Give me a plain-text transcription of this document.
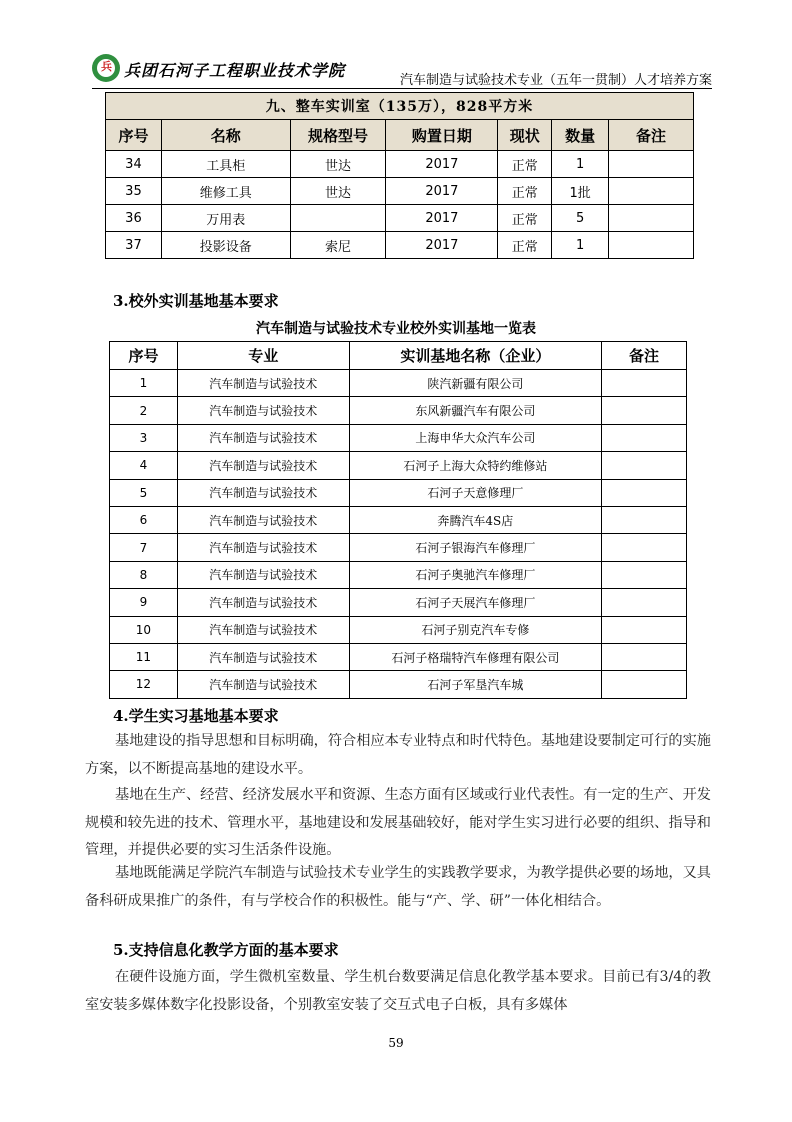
兵 兵团石河子工程职业技术学院
汽车制造与试验技术专业（五年一贯制）人才培养方案
九、整车实训室（135万），828平方米						
序号	名称	规格型号	购置日期	现状	数量	备注
34	工具柜	世达	2017	正常	1	
35	维修工具	世达	2017	正常	1批	
36	万用表		2017	正常	5	
37	投影设备	索尼	2017	正常	1	
3.校外实训基地基本要求
汽车制造与试验技术专业校外实训基地一览表
序号	专业	实训基地名称（企业）	备注
1	汽车制造与试验技术	陕汽新疆有限公司	
2	汽车制造与试验技术	东风新疆汽车有限公司	
3	汽车制造与试验技术	上海申华大众汽车公司	
4	汽车制造与试验技术	石河子上海大众特约维修站	
5	汽车制造与试验技术	石河子天意修理厂	
6	汽车制造与试验技术	奔腾汽车4S店	
7	汽车制造与试验技术	石河子银海汽车修理厂	
8	汽车制造与试验技术	石河子奥驰汽车修理厂	
9	汽车制造与试验技术	石河子天展汽车修理厂	
10	汽车制造与试验技术	石河子别克汽车专修	
11	汽车制造与试验技术	石河子格瑞特汽车修理有限公司	
12	汽车制造与试验技术	石河子军垦汽车城	
4.学生实习基地基本要求
基地建设的指导思想和目标明确，符合相应本专业特点和时代特色。基地建设要制定可行的实施方案，以不断提高基地的建设水平。
基地在生产、经营、经济发展水平和资源、生态方面有区域或行业代表性。有一定的生产、开发规模和较先进的技术、管理水平，基地建设和发展基础较好，能对学生实习进行必要的组织、指导和管理，并提供必要的实习生活条件设施。
基地既能满足学院汽车制造与试验技术专业学生的实践教学要求，为教学提供必要的场地，又具备科研成果推广的条件，有与学校合作的积极性。能与“产、学、研”一体化相结合。
5.支持信息化教学方面的基本要求
在硬件设施方面，学生微机室数量、学生机台数要满足信息化教学基本要求。目前已有3/4的教室安装多媒体数字化投影设备，个别教室安装了交互式电子白板，具有多媒体
59
